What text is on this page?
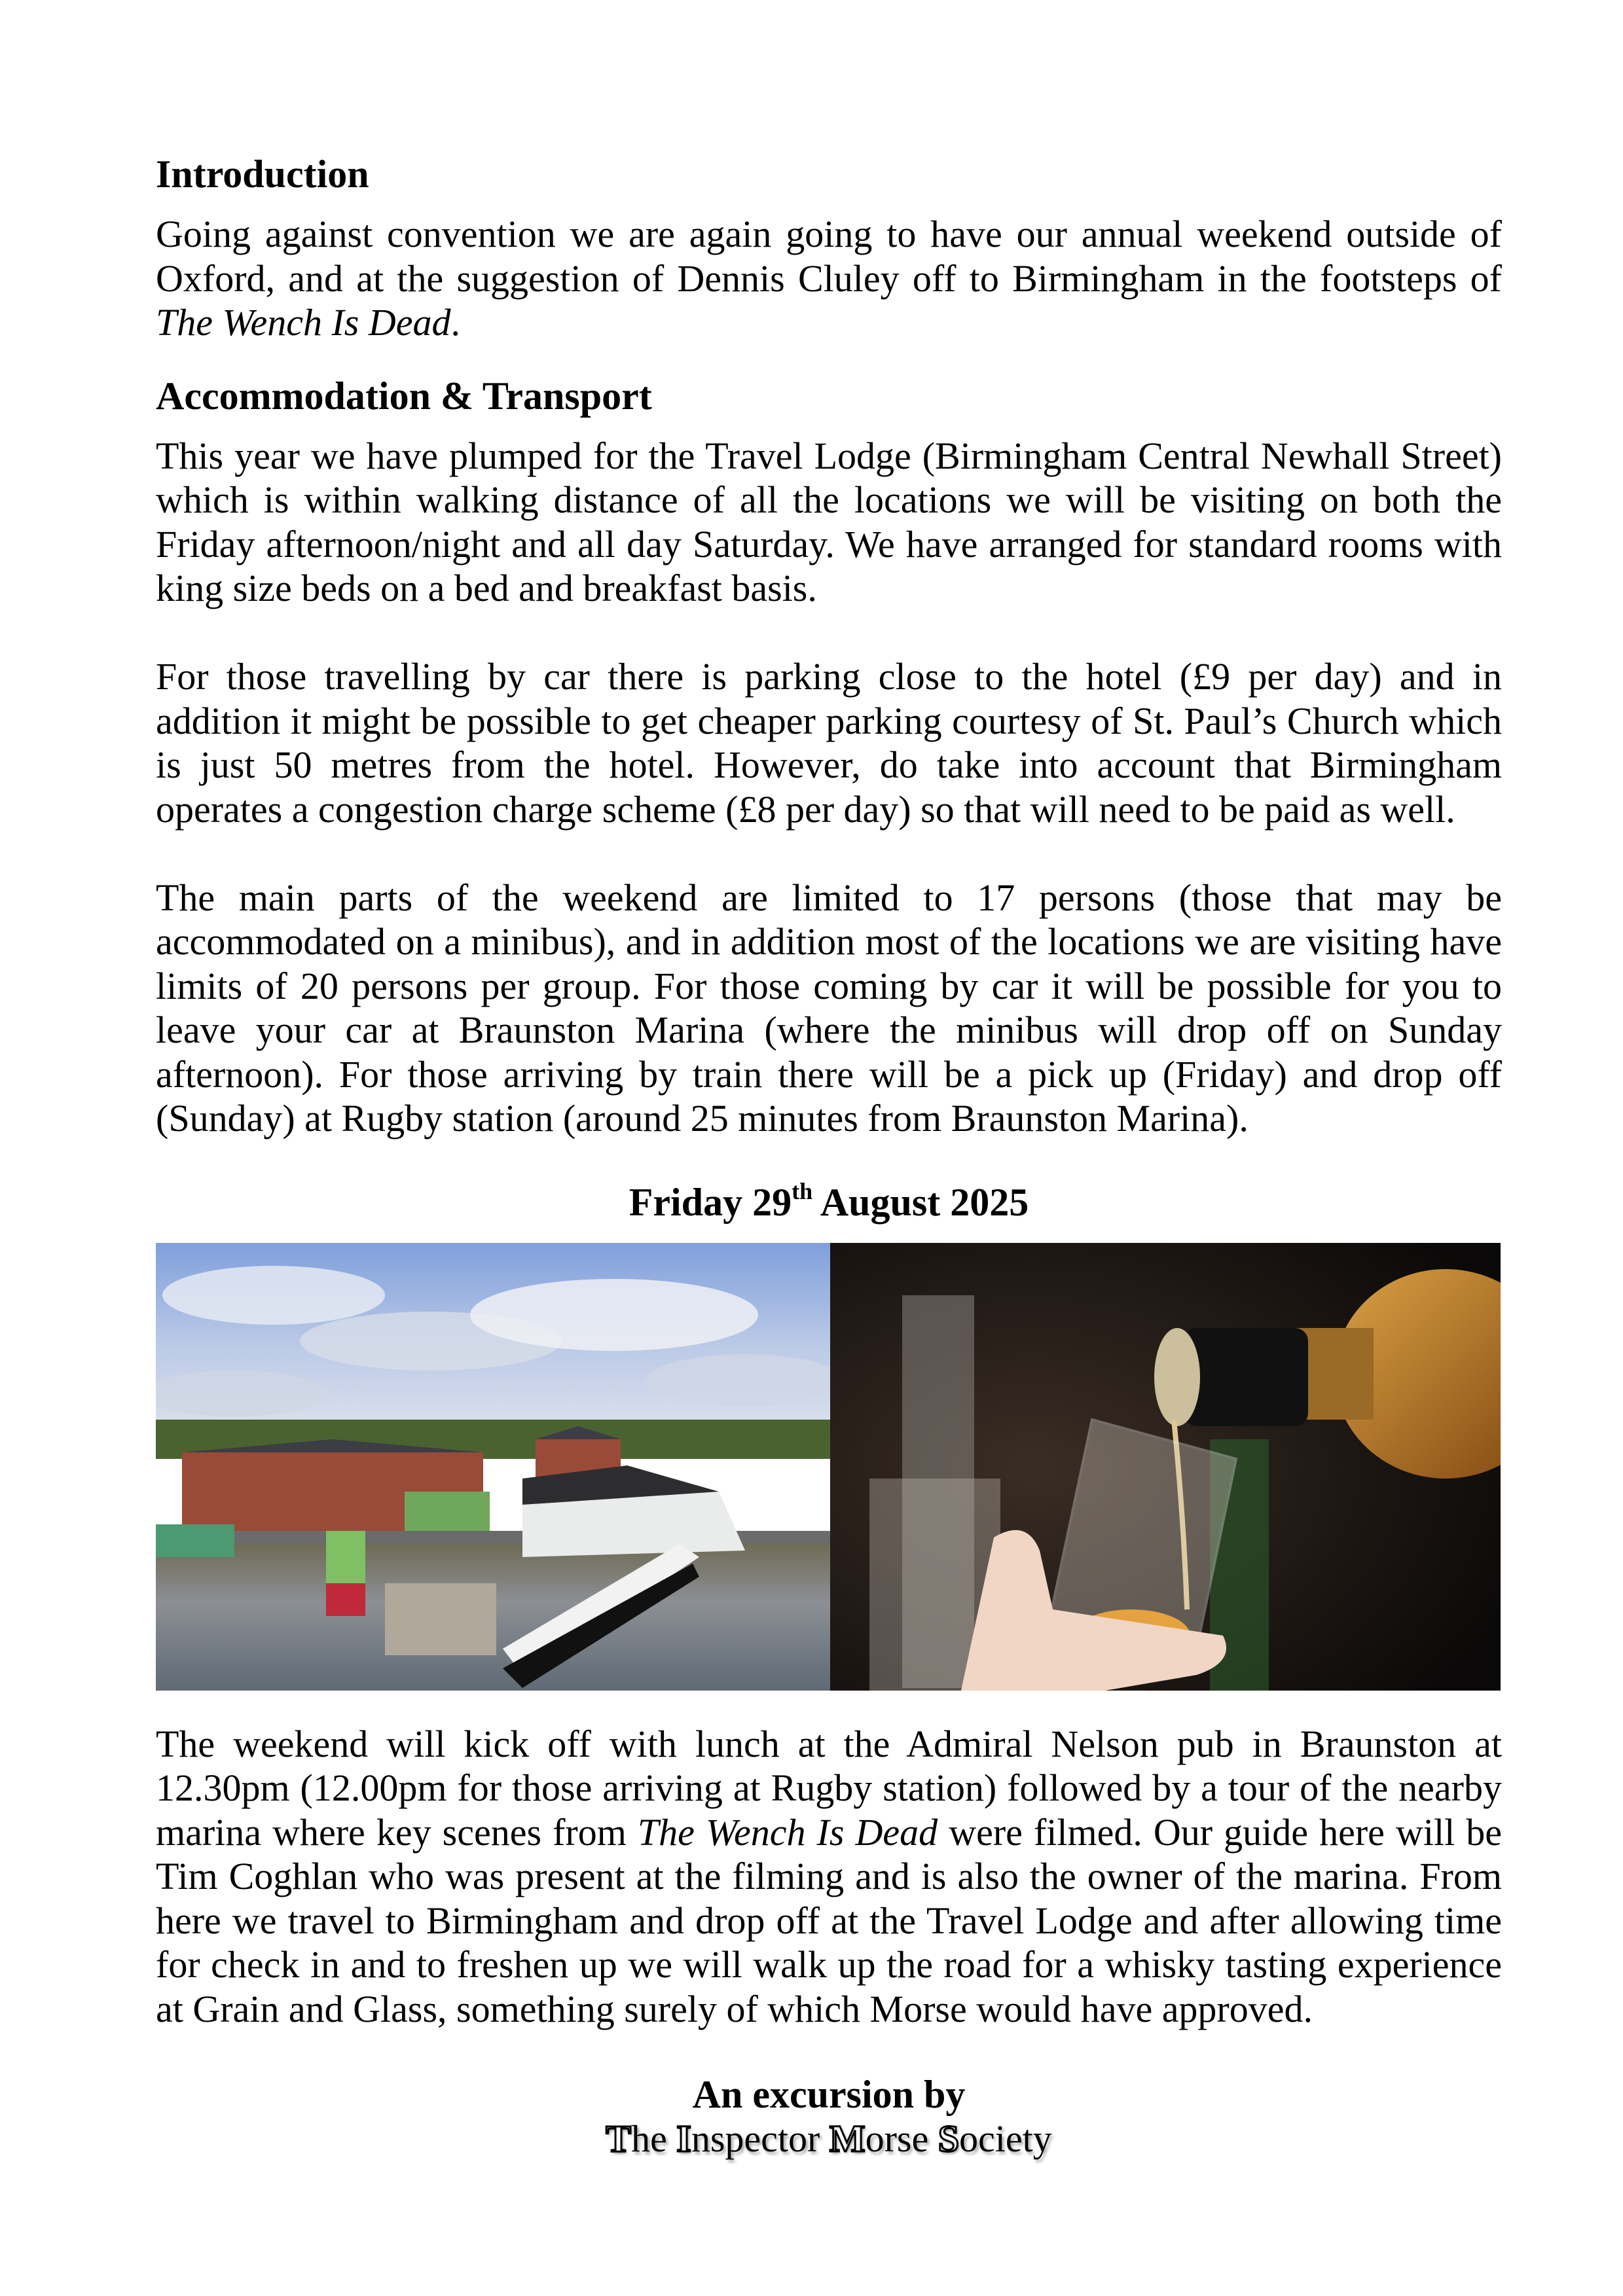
Introduction

Going against convention we are again going to have our annual weekend outside of Oxford, and at the suggestion of Dennis Cluley off to Birmingham in the footsteps of The Wench Is Dead.

Accommodation & Transport

This year we have plumped for the Travel Lodge (Birmingham Central Newhall Street) which is within walking distance of all the locations we will be visiting on both the Friday afternoon/night and all day Saturday. We have arranged for standard rooms with king size beds on a bed and breakfast basis.

For those travelling by car there is parking close to the hotel (£9 per day) and in addition it might be possible to get cheaper parking courtesy of St. Paul’s Church which is just 50 metres from the hotel. However, do take into account that Birmingham operates a congestion charge scheme (£8 per day) so that will need to be paid as well.

The main parts of the weekend are limited to 17 persons (those that may be accommodated on a minibus), and in addition most of the locations we are visiting have limits of 20 persons per group. For those coming by car it will be possible for you to leave your car at Braunston Marina (where the minibus will drop off on Sunday afternoon). For those arriving by train there will be a pick up (Friday) and drop off (Sunday) at Rugby station (around 25 minutes from Braunston Marina).

Friday 29th August 2025

The weekend will kick off with lunch at the Admiral Nelson pub in Braunston at 12.30pm (12.00pm for those arriving at Rugby station) followed by a tour of the nearby marina where key scenes from The Wench Is Dead were filmed. Our guide here will be Tim Coghlan who was present at the filming and is also the owner of the marina. From here we travel to Birmingham and drop off at the Travel Lodge and after allowing time for check in and to freshen up we will walk up the road for a whisky tasting experience at Grain and Glass, something surely of which Morse would have approved.

An excursion by

The Inspector Morse Society
